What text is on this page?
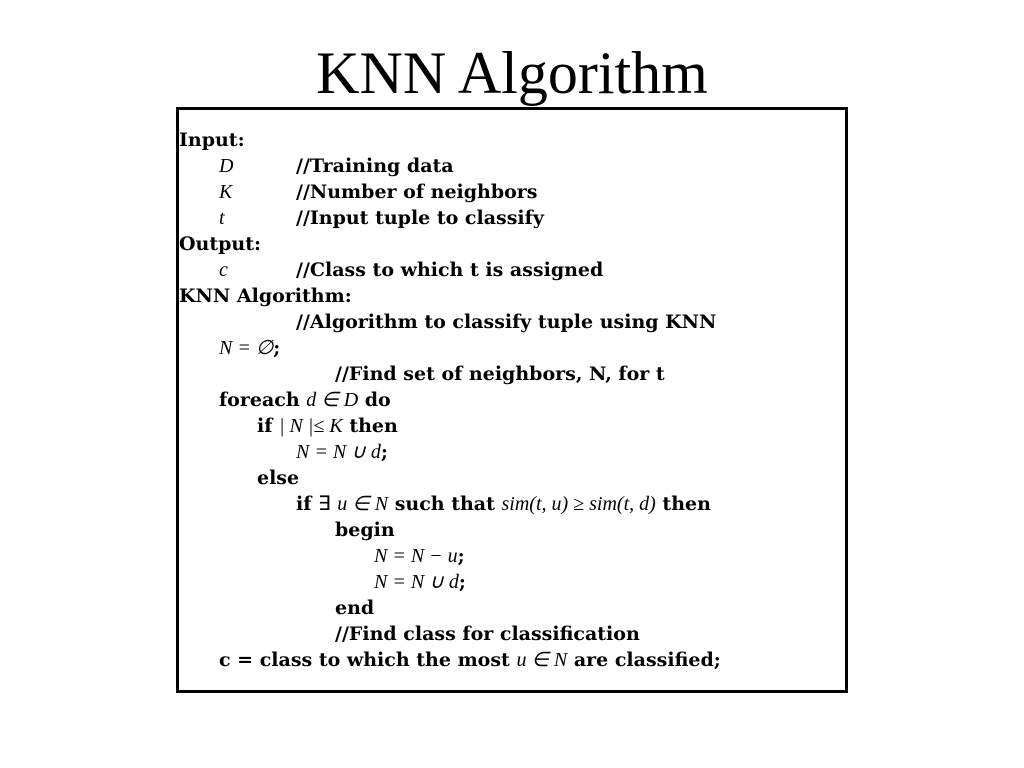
KNN Algorithm
Input:
D	//Training data
K	//Number of neighbors
t	//Input tuple to classify
Output:
c	//Class to which t is assigned
KNN Algorithm:
//Algorithm to classify tuple using KNN
N = ∅;
//Find set of neighbors, N, for t
foreach d ∈ D do
if | N |≤ K then
N = N ∪ d;
else
if ∃ u ∈ N such that sim(t, u) ≥ sim(t, d) then
begin
N = N − u;
N = N ∪ d;
end
//Find class for classification
c = class to which the most u ∈ N are classified;
